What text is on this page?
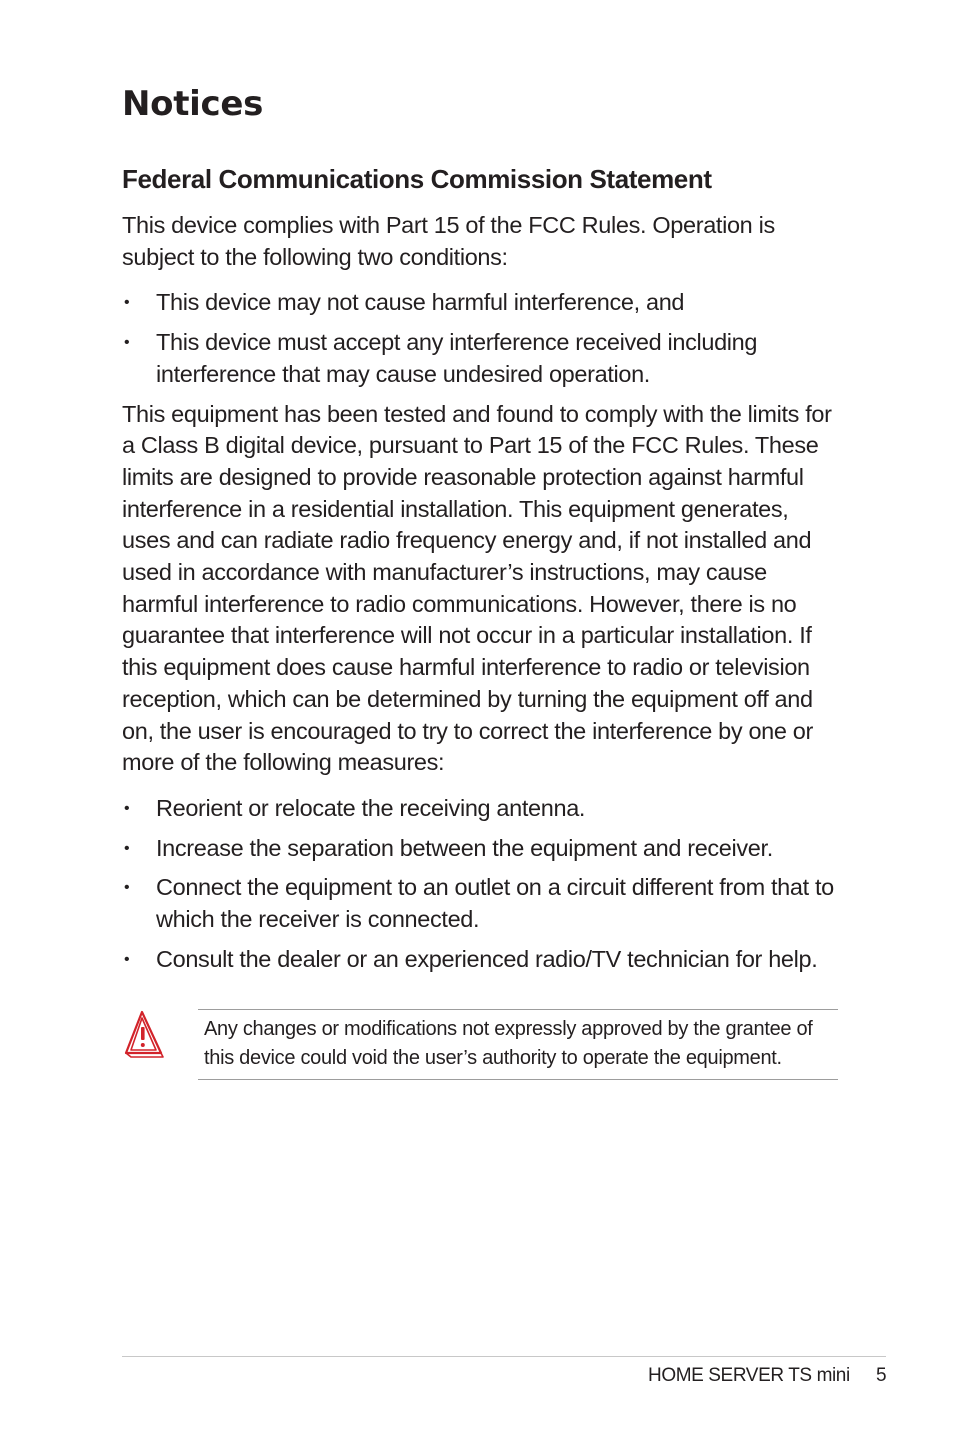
Notices
Federal Communications Commission Statement

This device complies with Part 15 of the FCC Rules. Operation is subject to the following two conditions:

• This device may not cause harmful interference, and
• This device must accept any interference received including interference that may cause undesired operation.

This equipment has been tested and found to comply with the limits for a Class B digital device, pursuant to Part 15 of the FCC Rules. These limits are designed to provide reasonable protection against harmful interference in a residential installation. This equipment generates, uses and can radiate radio frequency energy and, if not installed and used in accordance with manufacturer’s instructions, may cause harmful interference to radio communications. However, there is no guarantee that interference will not occur in a particular installation. If this equipment does cause harmful interference to radio or television reception, which can be determined by turning the equipment off and on, the user is encouraged to try to correct the interference by one or more of the following measures:

• Reorient or relocate the receiving antenna.
• Increase the separation between the equipment and receiver.
• Connect the equipment to an outlet on a circuit different from that to which the receiver is connected.
• Consult the dealer or an experienced radio/TV technician for help.
Any changes or modifications not expressly approved by the grantee of this device could void the user’s authority to operate the equipment.
HOME SERVER TS mini 5
